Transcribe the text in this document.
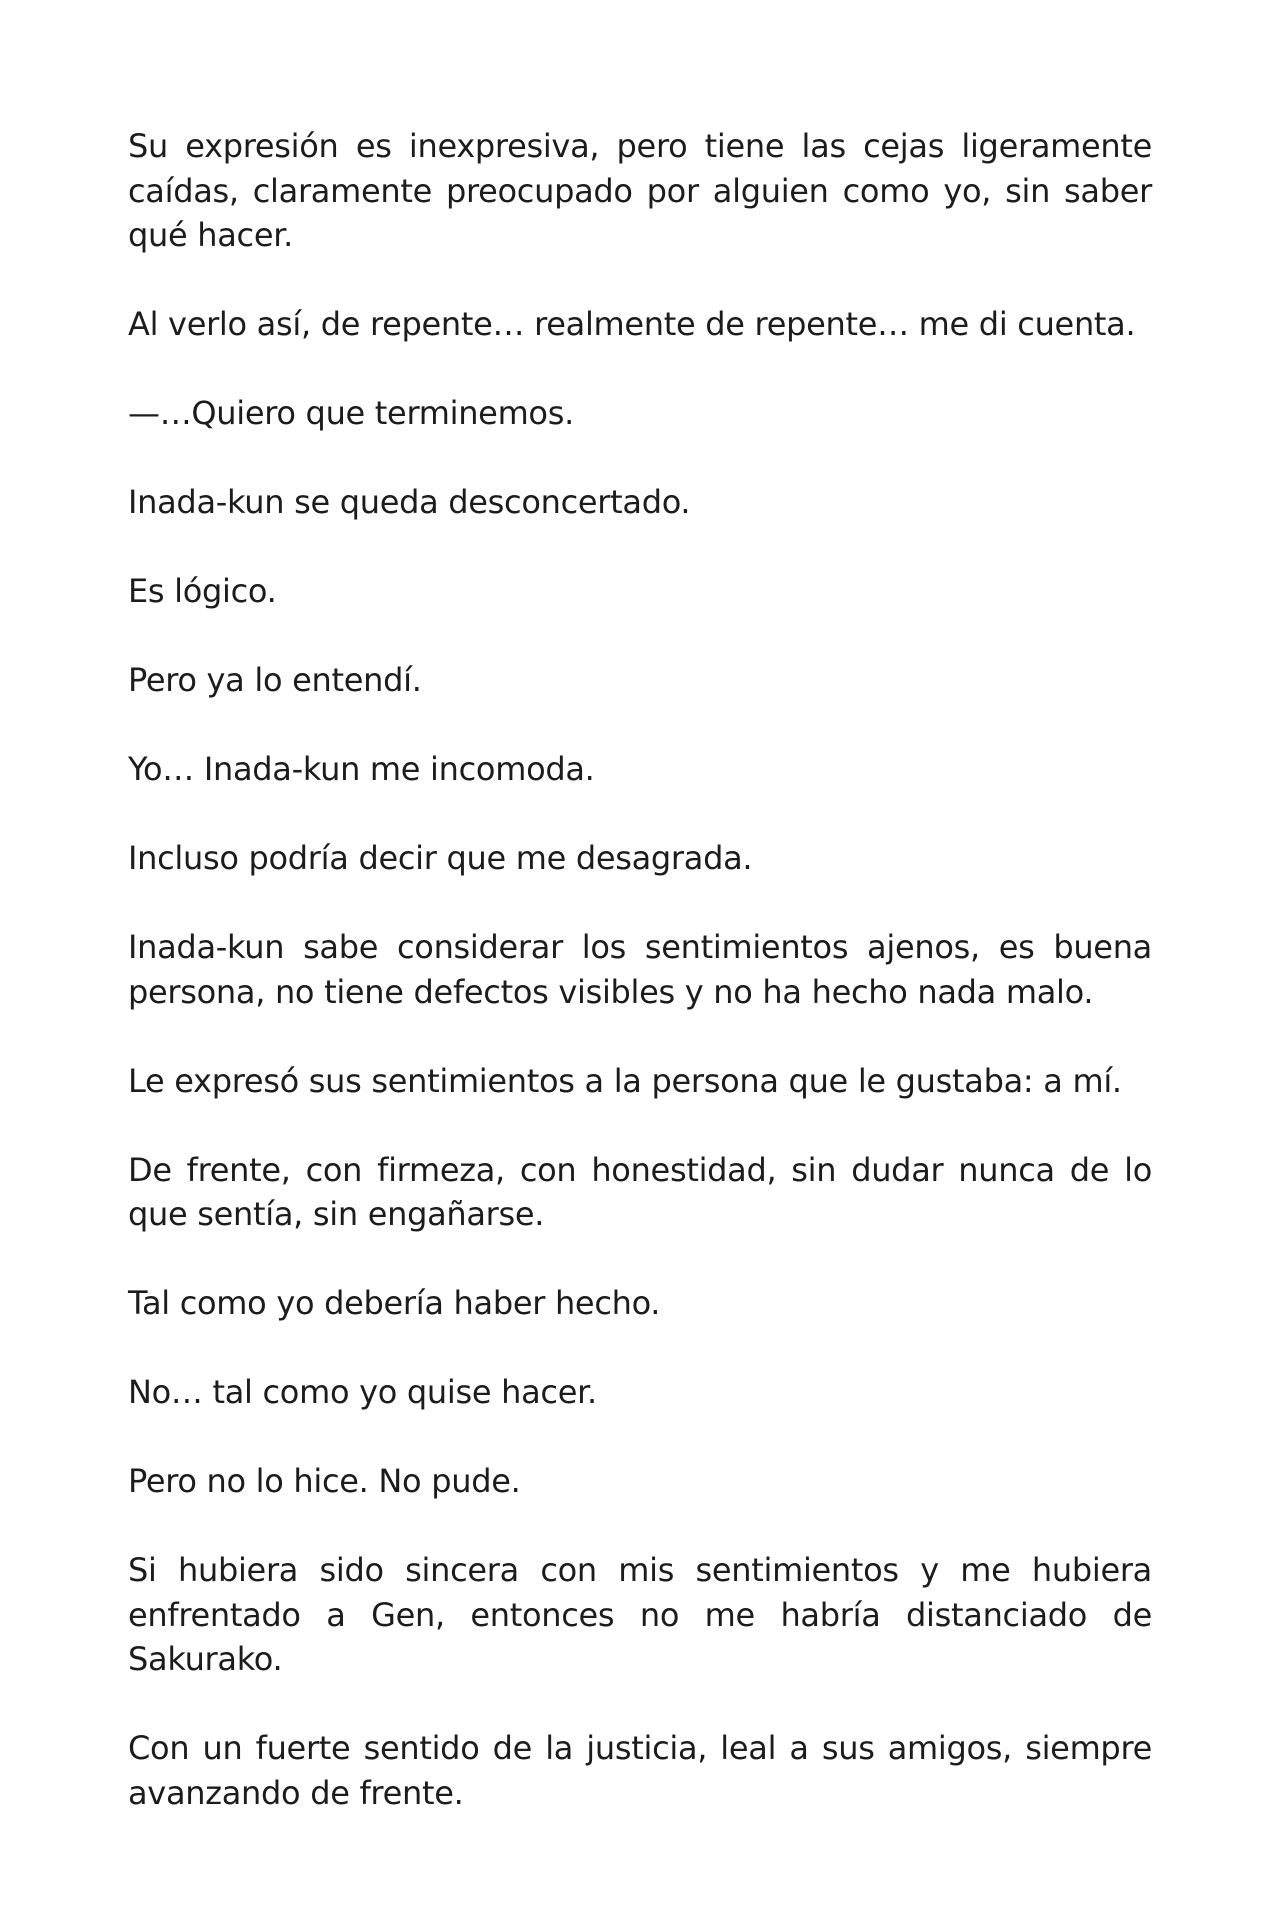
Su expresión es inexpresiva, pero tiene las cejas ligeramente caídas, claramente preocupado por alguien como yo, sin saber qué hacer.

Al verlo así, de repente… realmente de repente… me di cuenta.

—…Quiero que terminemos.

Inada-kun se queda desconcertado.

Es lógico.

Pero ya lo entendí.

Yo… Inada-kun me incomoda.

Incluso podría decir que me desagrada.

Inada-kun sabe considerar los sentimientos ajenos, es buena persona, no tiene defectos visibles y no ha hecho nada malo.

Le expresó sus sentimientos a la persona que le gustaba: a mí.

De frente, con firmeza, con honestidad, sin dudar nunca de lo que sentía, sin engañarse.

Tal como yo debería haber hecho.

No… tal como yo quise hacer.

Pero no lo hice. No pude.

Si hubiera sido sincera con mis sentimientos y me hubiera enfrentado a Gen, entonces no me habría distanciado de Sakurako.

Con un fuerte sentido de la justicia, leal a sus amigos, siempre avanzando de frente.
